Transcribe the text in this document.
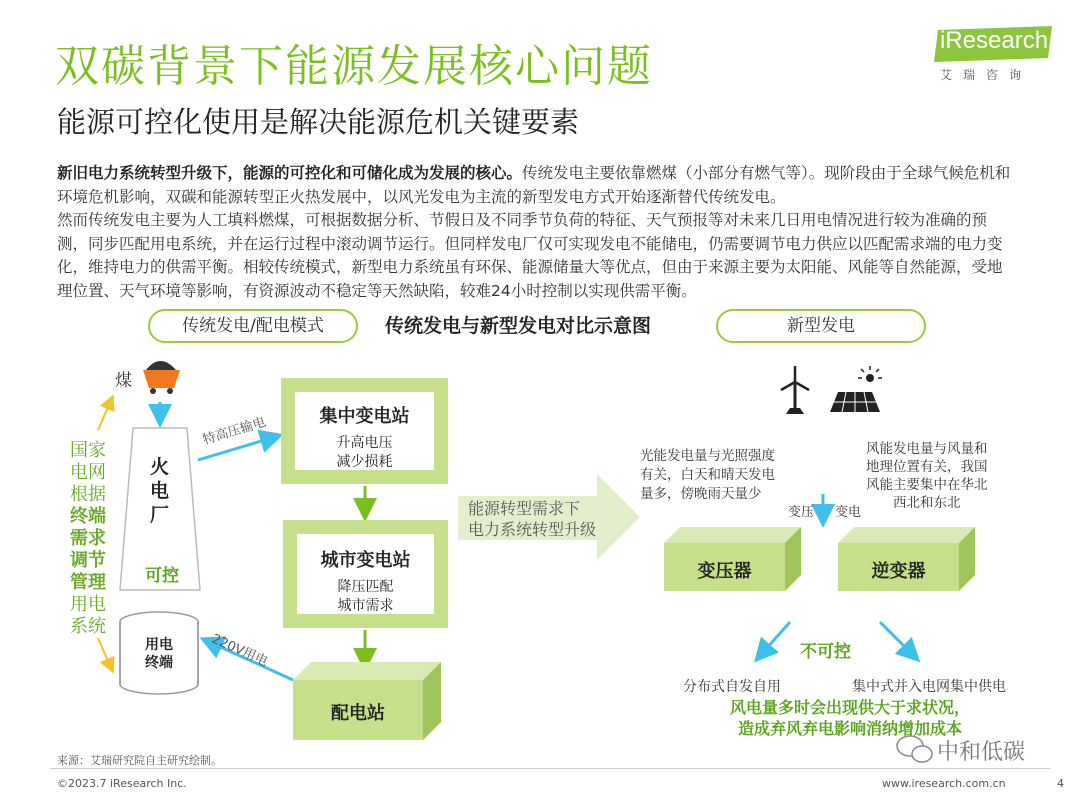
双碳背景下能源发展核心问题
能源可控化使用是解决能源危机关键要素
iResearch
艾瑞咨询
新旧电力系统转型升级下，能源的可控化和可储化成为发展的核心。传统发电主要依靠燃煤（小部分有燃气等）。现阶段由于全球气候危机和环境危机影响，双碳和能源转型正火热发展中，以风光发电为主流的新型发电方式开始逐渐替代传统发电。
然而传统发电主要为人工填料燃煤，可根据数据分析、节假日及不同季节负荷的特征、天气预报等对未来几日用电情况进行较为准确的预测，同步匹配用电系统，并在运行过程中滚动调节运行。但同样发电厂仅可实现发电不能储电，仍需要调节电力供应以匹配需求端的电力变化，维持电力的供需平衡。相较传统模式，新型电力系统虽有环保、能源储量大等优点，但由于来源主要为太阳能、风能等自然能源，受地理位置、天气环境等影响，有资源波动不稳定等天然缺陷，较难24小时控制以实现供需平衡。
传统发电/配电模式	传统发电与新型发电对比示意图	新型发电
煤
火
电
厂
可控
国家
电网
根据
终端
需求
调节
管理
用电
系统
特高压输电	集中变电站
升高电压
减少损耗
城市变电站
降压匹配
城市需求
配电站
220V用电
用电
终端
能源转型需求下
电力系统转型升级
光能发电量与光照强度
有关，白天和晴天发电
量多，傍晚雨天量少
风能发电量与风量和
地理位置有关，我国
风能主要集中在华北
西北和东北
变压 变电
变压器	逆变器
不可控
分布式自发自用	集中式并入电网集中供电
风电量多时会出现供大于求状况，
造成弃风弃电影响消纳增加成本
来源：艾瑞研究院自主研究绘制。
©2023.7 iResearch Inc.	www.iresearch.com.cn	4
中和低碳
